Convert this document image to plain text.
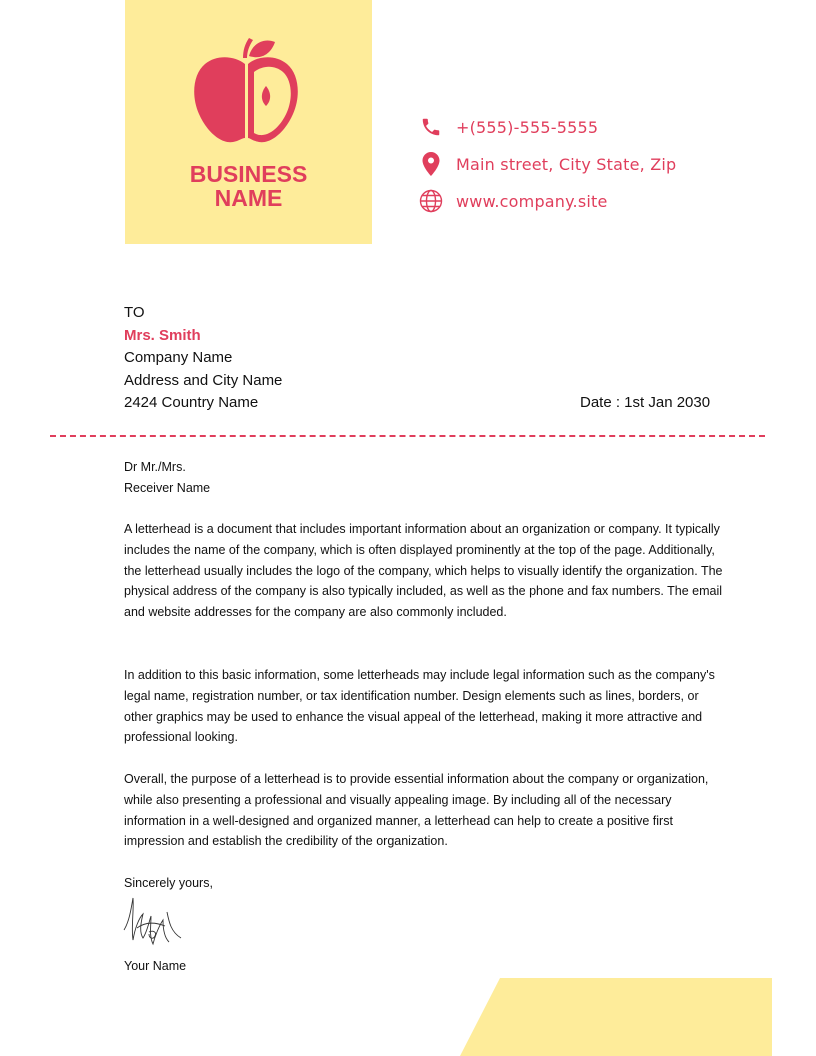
BUSINESS
NAME
+(555)-555-5555
Main street, City State, Zip
www.company.site
TO
Mrs. Smith
Company Name
Address and City Name
2424 Country Name	Date : 1st Jan 2030
Dr Mr./Mrs.
Receiver Name

A letterhead is a document that includes important information about an organization or company. It typically includes the name of the company, which is often displayed prominently at the top of the page. Additionally, the letterhead usually includes the logo of the company, which helps to visually identify the organization. The physical address of the company is also typically included, as well as the phone and fax numbers. The email and website addresses for the company are also commonly included.

In addition to this basic information, some letterheads may include legal information such as the company's legal name, registration number, or tax identification number. Design elements such as lines, borders, or other graphics may be used to enhance the visual appeal of the letterhead, making it more attractive and professional looking.

Overall, the purpose of a letterhead is to provide essential information about the company or organization, while also presenting a professional and visually appealing image. By including all of the necessary information in a well-designed and organized manner, a letterhead can help to create a positive first impression and establish the credibility of the organization.

Sincerely yours,
Your Name
